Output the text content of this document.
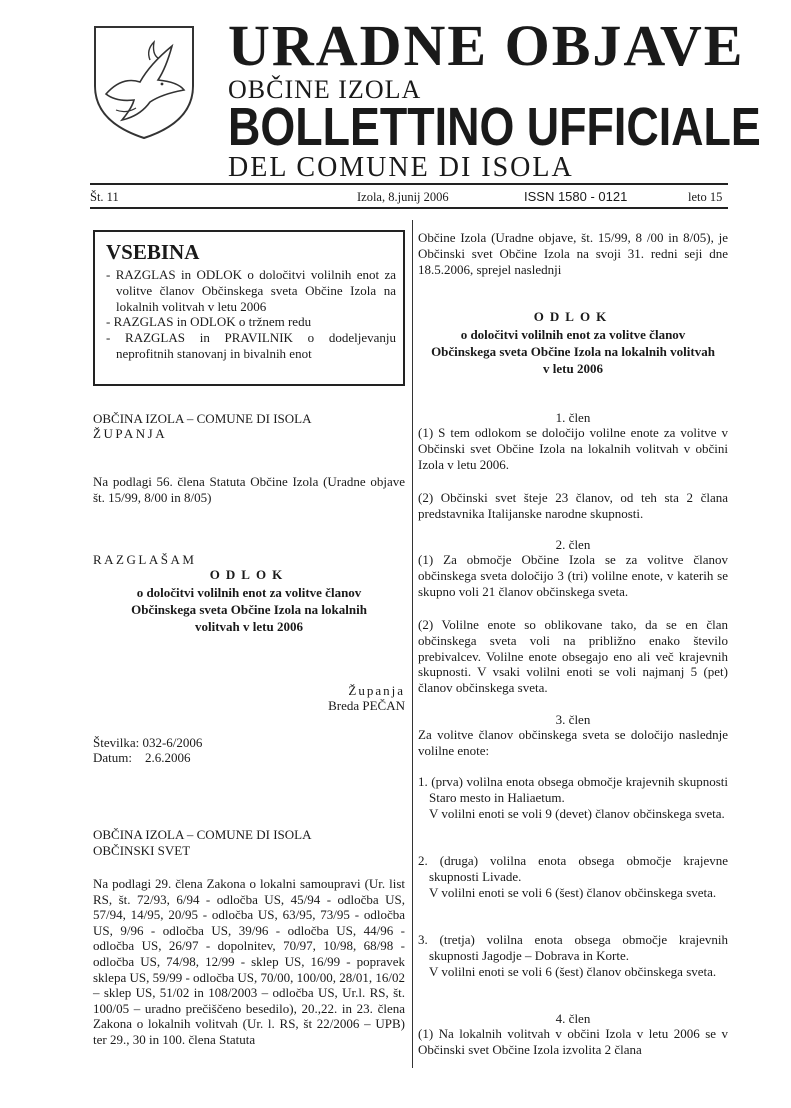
URADNE OBJAVE
OBČINE IZOLA
BOLLETTINO UFFICIALE
DEL COMUNE DI ISOLA
Št. 11	Izola, 8.junij 2006	ISSN 1580 - 0121	leto 15
VSEBINA
- RAZGLAS in ODLOK o določitvi volilnih enot za volitve članov Občinskega sveta Občine Izola na lokalnih volitvah v letu 2006
- RAZGLAS in ODLOK o tržnem redu
- RAZGLAS in PRAVILNIK o dodeljevanju neprofitnih stanovanj in bivalnih enot
OBČINA IZOLA – COMUNE DI ISOLA
ŽUPANJA
Na podlagi 56. člena Statuta Občine Izola (Uradne objave št. 15/99, 8/00 in 8/05)
RAZGLAŠAM
ODLOK
o določitvi volilnih enot za volitve članov Občinskega sveta Občine Izola na lokalnih volitvah v letu 2006
Županja
Breda PEČAN
Številka: 032-6/2006
Datum:    2.6.2006
OBČINA IZOLA – COMUNE DI ISOLA
OBČINSKI SVET
Na podlagi 29. člena Zakona o lokalni samoupravi (Ur. list RS, št. 72/93, 6/94 - odločba US, 45/94 - odločba US, 57/94, 14/95, 20/95 - odločba US, 63/95, 73/95 - odločba US, 9/96 - odločba US, 39/96 - odločba US, 44/96 - odločba US, 26/97 - dopolnitev, 70/97, 10/98, 68/98 - odločba US, 74/98, 12/99 - sklep US, 16/99 - popravek sklepa US, 59/99 - odločba US, 70/00, 100/00, 28/01, 16/02 – sklep US, 51/02 in 108/2003 – odločba US, Ur.l. RS, št. 100/05 – uradno prečiščeno besedilo), 20.,22. in 23. člena Zakona o lokalnih volitvah (Ur. l. RS, št 22/2006 – UPB) ter 29., 30 in 100. člena Statuta
Občine Izola (Uradne objave, št. 15/99, 8 /00 in 8/05), je Občinski svet Občine Izola na svoji 31. redni seji dne 18.5.2006, sprejel naslednji
ODLOK
o določitvi volilnih enot za volitve članov Občinskega sveta Občine Izola na lokalnih volitvah v letu 2006
1. člen
(1) S tem odlokom se določijo volilne enote za volitve v Občinski svet Občine Izola na lokalnih volitvah v občini Izola v letu 2006.
(2) Občinski svet šteje 23 članov, od teh sta 2 člana predstavnika Italijanske narodne skupnosti.
2. člen
(1) Za območje Občine Izola se za volitve članov občinskega sveta določijo 3 (tri) volilne enote, v katerih se skupno voli 21 članov občinskega sveta.
(2) Volilne enote so oblikovane tako, da se en član občinskega sveta voli na približno enako število prebivalcev. Volilne enote obsegajo eno ali več krajevnih skupnosti. V vsaki volilni enoti se voli najmanj 5 (pet) članov občinskega sveta.
3. člen
Za volitve članov občinskega sveta se določijo naslednje volilne enote:
1. (prva) volilna enota obsega območje krajevnih skupnosti Staro mesto in Haliaetum.
V volilni enoti se voli 9 (devet) članov občinskega sveta.
2. (druga) volilna enota obsega območje krajevne skupnosti Livade.
V volilni enoti se voli 6 (šest) članov občinskega sveta.
3. (tretja) volilna enota obsega območje krajevnih skupnosti Jagodje – Dobrava in Korte.
V volilni enoti se voli 6 (šest) članov občinskega sveta.
4. člen
(1) Na lokalnih volitvah v občini Izola v letu 2006 se v Občinski svet Občine Izola izvolita 2 člana
